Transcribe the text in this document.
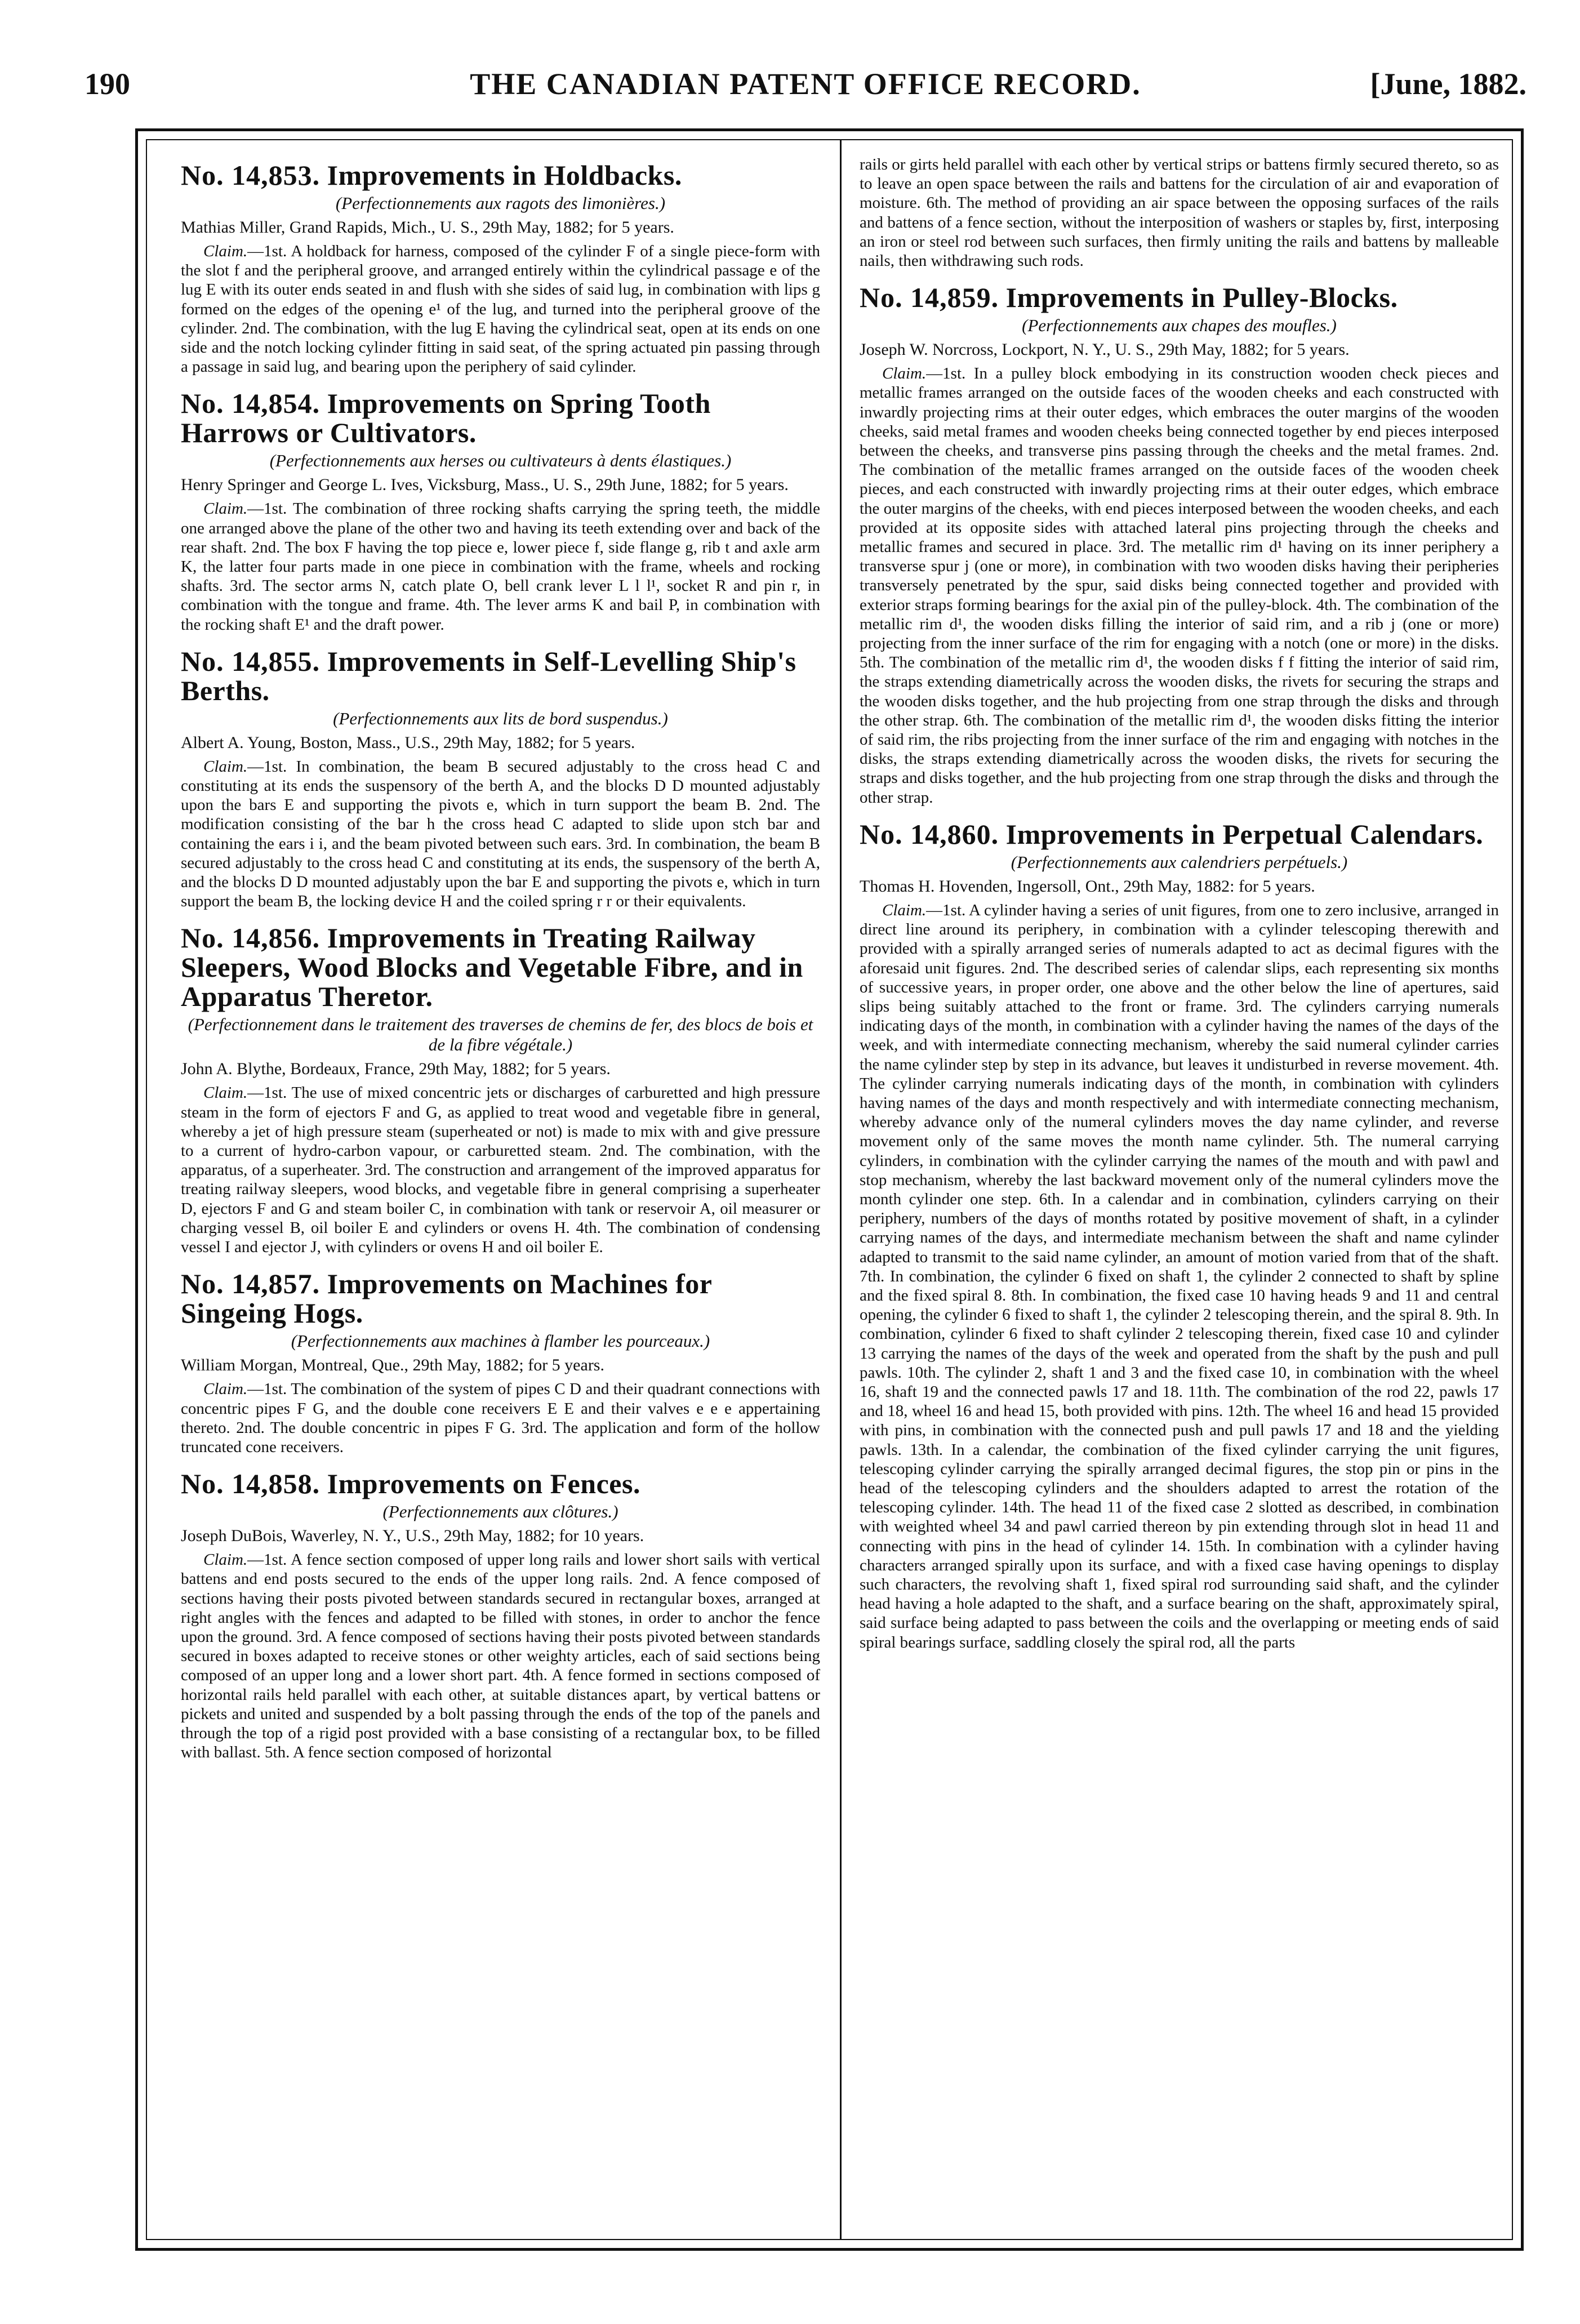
190	THE CANADIAN PATENT OFFICE RECORD.	[June, 1882.
No. 14,853. Improvements in Holdbacks.
(Perfectionnements aux ragots des limonières.)
Mathias Miller, Grand Rapids, Mich., U. S., 29th May, 1882; for 5 years.
Claim.—1st. A holdback for harness, composed of the cylinder F of a single piece-form with the slot f and the peripheral groove, and arranged entirely within the cylindrical passage e of the lug E with its outer ends seated in and flush with she sides of said lug, in combination with lips g formed on the edges of the opening e¹ of the lug, and turned into the peripheral groove of the cylinder. 2nd. The combination, with the lug E having the cylindrical seat, open at its ends on one side and the notch locking cylinder fitting in said seat, of the spring actuated pin passing through a passage in said lug, and bearing upon the periphery of said cylinder.
No. 14,854. Improvements on Spring Tooth Harrows or Cultivators.
(Perfectionnements aux herses ou cultivateurs à dents élastiques.)
Henry Springer and George L. Ives, Vicksburg, Mass., U. S., 29th June, 1882; for 5 years.
Claim.—1st. The combination of three rocking shafts carrying the spring teeth, the middle one arranged above the plane of the other two and having its teeth extending over and back of the rear shaft. 2nd. The box F having the top piece e, lower piece f, side flange g, rib t and axle arm K, the latter four parts made in one piece in combination with the frame, wheels and rocking shafts. 3rd. The sector arms N, catch plate O, bell crank lever L l l¹, socket R and pin r, in combination with the tongue and frame. 4th. The lever arms K and bail P, in combination with the rocking shaft E¹ and the draft power.
No. 14,855. Improvements in Self-Levelling Ship's Berths.
(Perfectionnements aux lits de bord suspendus.)
Albert A. Young, Boston, Mass., U.S., 29th May, 1882; for 5 years.
Claim.—1st. In combination, the beam B secured adjustably to the cross head C and constituting at its ends the suspensory of the berth A, and the blocks D D mounted adjustably upon the bars E and supporting the pivots e, which in turn support the beam B. 2nd. The modification consisting of the bar h the cross head C adapted to slide upon stch bar and containing the ears i i, and the beam pivoted between such ears. 3rd. In combination, the beam B secured adjustably to the cross head C and constituting at its ends, the suspensory of the berth A, and the blocks D D mounted adjustably upon the bar E and supporting the pivots e, which in turn support the beam B, the locking device H and the coiled spring r r or their equivalents.
No. 14,856. Improvements in Treating Railway Sleepers, Wood Blocks and Vegetable Fibre, and in Apparatus Theretor.
(Perfectionnement dans le traitement des traverses de chemins de fer, des blocs de bois et de la fibre végétale.)
John A. Blythe, Bordeaux, France, 29th May, 1882; for 5 years.
Claim.—1st. The use of mixed concentric jets or discharges of carburetted and high pressure steam in the form of ejectors F and G, as applied to treat wood and vegetable fibre in general, whereby a jet of high pressure steam (superheated or not) is made to mix with and give pressure to a current of hydro-carbon vapour, or carburetted steam. 2nd. The combination, with the apparatus, of a superheater. 3rd. The construction and arrangement of the improved apparatus for treating railway sleepers, wood blocks, and vegetable fibre in general comprising a superheater D, ejectors F and G and steam boiler C, in combination with tank or reservoir A, oil measurer or charging vessel B, oil boiler E and cylinders or ovens H. 4th. The combination of condensing vessel I and ejector J, with cylinders or ovens H and oil boiler E.
No. 14,857. Improvements on Machines for Singeing Hogs.
(Perfectionnements aux machines à flamber les pourceaux.)
William Morgan, Montreal, Que., 29th May, 1882; for 5 years.
Claim.—1st. The combination of the system of pipes C D and their quadrant connections with concentric pipes F G, and the double cone receivers E E and their valves e e e appertaining thereto. 2nd. The double concentric in pipes F G. 3rd. The application and form of the hollow truncated cone receivers.
No. 14,858. Improvements on Fences.
(Perfectionnements aux clôtures.)
Joseph DuBois, Waverley, N. Y., U.S., 29th May, 1882; for 10 years.
Claim.—1st. A fence section composed of upper long rails and lower short sails with vertical battens and end posts secured to the ends of the upper long rails. 2nd. A fence composed of sections having their posts pivoted between standards secured in rectangular boxes, arranged at right angles with the fences and adapted to be filled with stones, in order to anchor the fence upon the ground. 3rd. A fence composed of sections having their posts pivoted between standards secured in boxes adapted to receive stones or other weighty articles, each of said sections being composed of an upper long and a lower short part. 4th. A fence formed in sections composed of horizontal rails held parallel with each other, at suitable distances apart, by vertical battens or pickets and united and suspended by a bolt passing through the ends of the top of the panels and through the top of a rigid post provided with a base consisting of a rectangular box, to be filled with ballast. 5th. A fence section composed of horizontal
rails or girts held parallel with each other by vertical strips or battens firmly secured thereto, so as to leave an open space between the rails and battens for the circulation of air and evaporation of moisture. 6th. The method of providing an air space between the opposing surfaces of the rails and battens of a fence section, without the interposition of washers or staples by, first, interposing an iron or steel rod between such surfaces, then firmly uniting the rails and battens by malleable nails, then withdrawing such rods.
No. 14,859. Improvements in Pulley-Blocks.
(Perfectionnements aux chapes des moufles.)
Joseph W. Norcross, Lockport, N. Y., U. S., 29th May, 1882; for 5 years.
Claim.—1st. In a pulley block embodying in its construction wooden check pieces and metallic frames arranged on the outside faces of the wooden cheeks and each constructed with inwardly projecting rims at their outer edges, which embraces the outer margins of the wooden cheeks, said metal frames and wooden cheeks being connected together by end pieces interposed between the cheeks, and transverse pins passing through the cheeks and the metal frames. 2nd. The combination of the metallic frames arranged on the outside faces of the wooden cheek pieces, and each constructed with inwardly projecting rims at their outer edges, which embrace the outer margins of the cheeks, with end pieces interposed between the wooden cheeks, and each provided at its opposite sides with attached lateral pins projecting through the cheeks and metallic frames and secured in place. 3rd. The metallic rim d¹ having on its inner periphery a transverse spur j (one or more), in combination with two wooden disks having their peripheries transversely penetrated by the spur, said disks being connected together and provided with exterior straps forming bearings for the axial pin of the pulley-block. 4th. The combination of the metallic rim d¹, the wooden disks filling the interior of said rim, and a rib j (one or more) projecting from the inner surface of the rim for engaging with a notch (one or more) in the disks. 5th. The combination of the metallic rim d¹, the wooden disks f f fitting the interior of said rim, the straps extending diametrically across the wooden disks, the rivets for securing the straps and the wooden disks together, and the hub projecting from one strap through the disks and through the other strap. 6th. The combination of the metallic rim d¹, the wooden disks fitting the interior of said rim, the ribs projecting from the inner surface of the rim and engaging with notches in the disks, the straps extending diametrically across the wooden disks, the rivets for securing the straps and disks together, and the hub projecting from one strap through the disks and through the other strap.
No. 14,860. Improvements in Perpetual Calendars.
(Perfectionnements aux calendriers perpétuels.)
Thomas H. Hovenden, Ingersoll, Ont., 29th May, 1882: for 5 years.
Claim.—1st. A cylinder having a series of unit figures, from one to zero inclusive, arranged in direct line around its periphery, in combination with a cylinder telescoping therewith and provided with a spirally arranged series of numerals adapted to act as decimal figures with the aforesaid unit figures. 2nd. The described series of calendar slips, each representing six months of successive years, in proper order, one above and the other below the line of apertures, said slips being suitably attached to the front or frame. 3rd. The cylinders carrying numerals indicating days of the month, in combination with a cylinder having the names of the days of the week, and with intermediate connecting mechanism, whereby the said numeral cylinder carries the name cylinder step by step in its advance, but leaves it undisturbed in reverse movement. 4th. The cylinder carrying numerals indicating days of the month, in combination with cylinders having names of the days and month respectively and with intermediate connecting mechanism, whereby advance only of the numeral cylinders moves the day name cylinder, and reverse movement only of the same moves the month name cylinder. 5th. The numeral carrying cylinders, in combination with the cylinder carrying the names of the mouth and with pawl and stop mechanism, whereby the last backward movement only of the numeral cylinders move the month cylinder one step. 6th. In a calendar and in combination, cylinders carrying on their periphery, numbers of the days of months rotated by positive movement of shaft, in a cylinder carrying names of the days, and intermediate mechanism between the shaft and name cylinder adapted to transmit to the said name cylinder, an amount of motion varied from that of the shaft. 7th. In combination, the cylinder 6 fixed on shaft 1, the cylinder 2 connected to shaft by spline and the fixed spiral 8. 8th. In combination, the fixed case 10 having heads 9 and 11 and central opening, the cylinder 6 fixed to shaft 1, the cylinder 2 telescoping therein, and the spiral 8. 9th. In combination, cylinder 6 fixed to shaft cylinder 2 telescoping therein, fixed case 10 and cylinder 13 carrying the names of the days of the week and operated from the shaft by the push and pull pawls. 10th. The cylinder 2, shaft 1 and 3 and the fixed case 10, in combination with the wheel 16, shaft 19 and the connected pawls 17 and 18. 11th. The combination of the rod 22, pawls 17 and 18, wheel 16 and head 15, both provided with pins. 12th. The wheel 16 and head 15 provided with pins, in combination with the connected push and pull pawls 17 and 18 and the yielding pawls. 13th. In a calendar, the combination of the fixed cylinder carrying the unit figures, telescoping cylinder carrying the spirally arranged decimal figures, the stop pin or pins in the head of the telescoping cylinders and the shoulders adapted to arrest the rotation of the telescoping cylinder. 14th. The head 11 of the fixed case 2 slotted as described, in combination with weighted wheel 34 and pawl carried thereon by pin extending through slot in head 11 and connecting with pins in the head of cylinder 14. 15th. In combination with a cylinder having characters arranged spirally upon its surface, and with a fixed case having openings to display such characters, the revolving shaft 1, fixed spiral rod surrounding said shaft, and the cylinder head having a hole adapted to the shaft, and a surface bearing on the shaft, approximately spiral, said surface being adapted to pass between the coils and the overlapping or meeting ends of said spiral bearings surface, saddling closely the spiral rod, all the parts
